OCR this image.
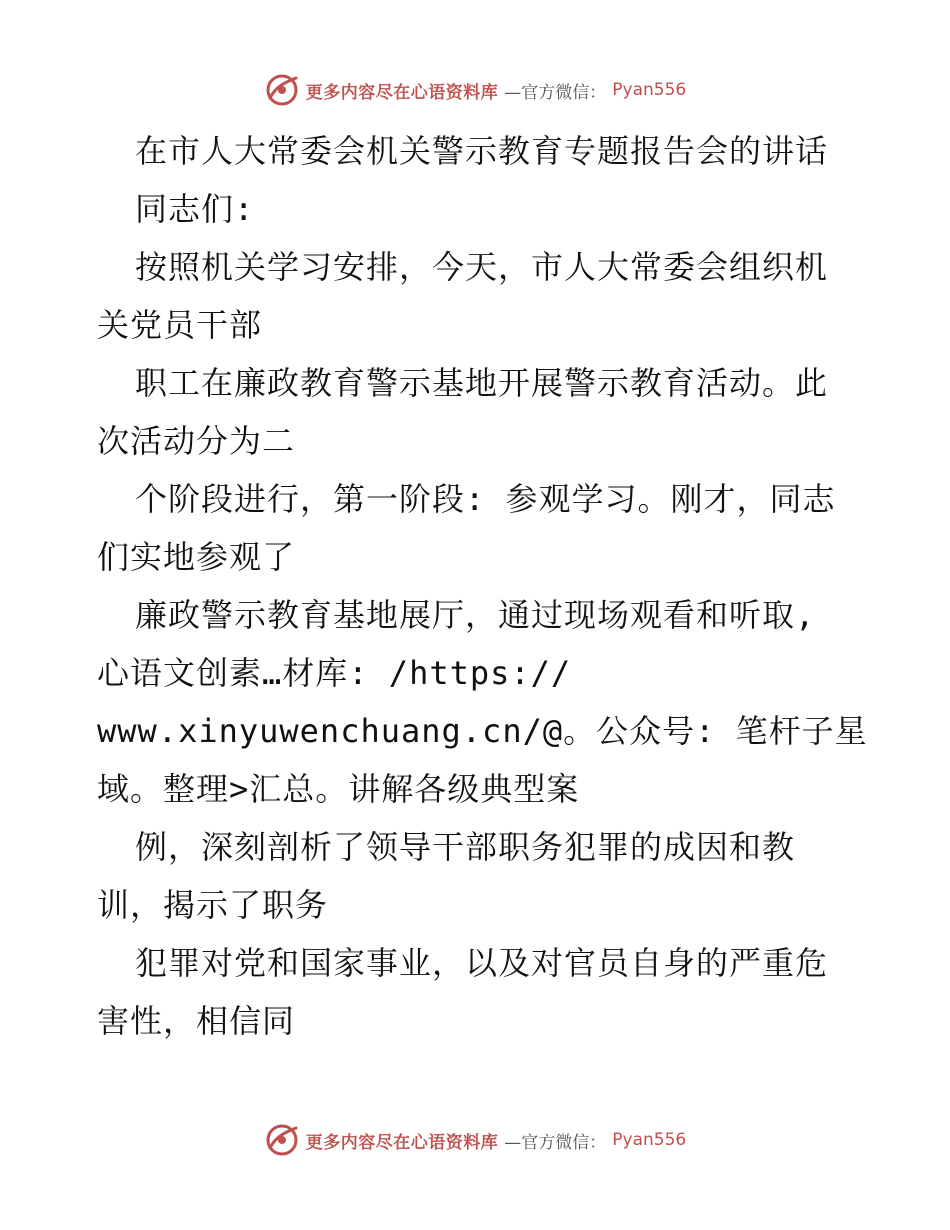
更多内容尽在心语资料库 —官方微信： Pyan556
在市人大常委会机关警示教育专题报告会的讲话
同志们:
按照机关学习安排，今天，市人大常委会组织机
关党员干部
职工在廉政教育警示基地开展警示教育活动。此
次活动分为二
个阶段进行，第一阶段: 参观学习。刚才，同志
们实地参观了
廉政警示教育基地展厅，通过现场观看和听取,
心语文创素…材库: /https://
www.xinyuwenchuang.cn/@。公众号: 笔杆子星
域。整理>汇总。讲解各级典型案
例，深刻剖析了领导干部职务犯罪的成因和教
训，揭示了职务
犯罪对党和国家事业，以及对官员自身的严重危
害性，相信同
更多内容尽在心语资料库 —官方微信： Pyan556
